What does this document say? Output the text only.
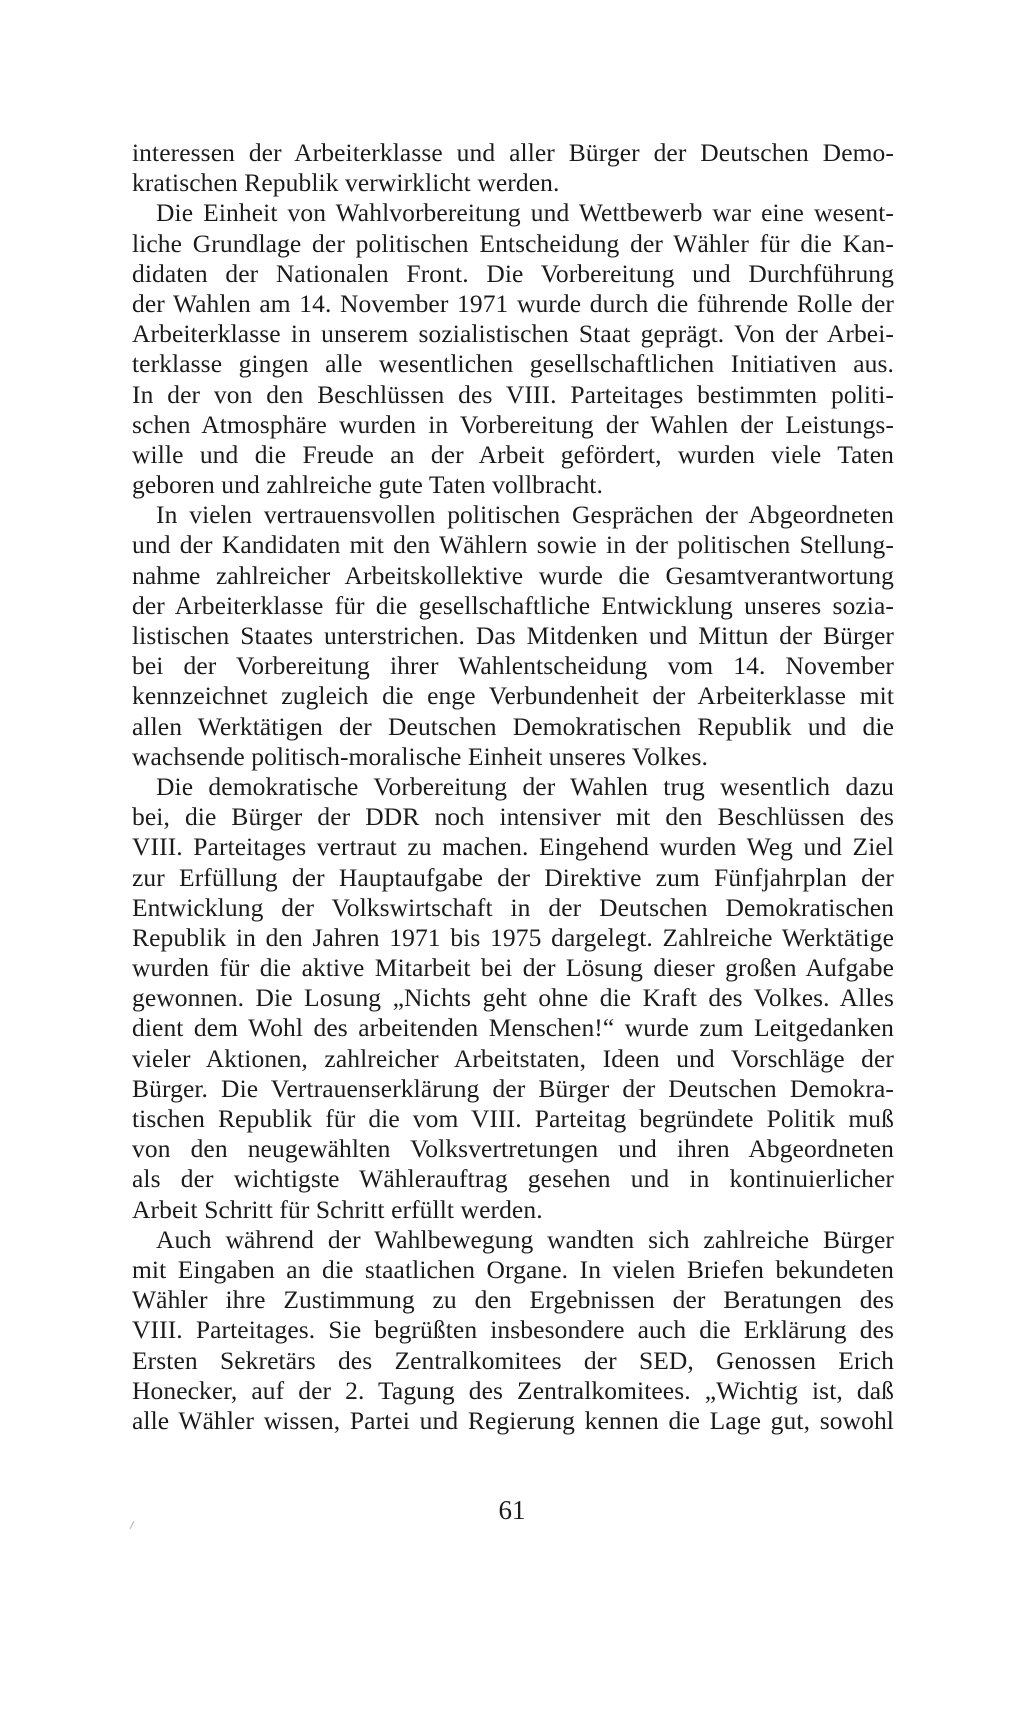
interessen der Arbeiterklasse und aller Bürger der Deutschen Demo-
kratischen Republik verwirklicht werden.
Die Einheit von Wahlvorbereitung und Wettbewerb war eine wesent-
liche Grundlage der politischen Entscheidung der Wähler für die Kan-
didaten der Nationalen Front. Die Vorbereitung und Durchführung
der Wahlen am 14. November 1971 wurde durch die führende Rolle der
Arbeiterklasse in unserem sozialistischen Staat geprägt. Von der Arbei-
terklasse gingen alle wesentlichen gesellschaftlichen Initiativen aus.
In der von den Beschlüssen des VIII. Parteitages bestimmten politi-
schen Atmosphäre wurden in Vorbereitung der Wahlen der Leistungs-
wille und die Freude an der Arbeit gefördert, wurden viele Taten
geboren und zahlreiche gute Taten vollbracht.
In vielen vertrauensvollen politischen Gesprächen der Abgeordneten
und der Kandidaten mit den Wählern sowie in der politischen Stellung-
nahme zahlreicher Arbeitskollektive wurde die Gesamtverantwortung
der Arbeiterklasse für die gesellschaftliche Entwicklung unseres sozia-
listischen Staates unterstrichen. Das Mitdenken und Mittun der Bürger
bei der Vorbereitung ihrer Wahlentscheidung vom 14. November
kennzeichnet zugleich die enge Verbundenheit der Arbeiterklasse mit
allen Werktätigen der Deutschen Demokratischen Republik und die
wachsende politisch-moralische Einheit unseres Volkes.
Die demokratische Vorbereitung der Wahlen trug wesentlich dazu
bei, die Bürger der DDR noch intensiver mit den Beschlüssen des
VIII. Parteitages vertraut zu machen. Eingehend wurden Weg und Ziel
zur Erfüllung der Hauptaufgabe der Direktive zum Fünfjahrplan der
Entwicklung der Volkswirtschaft in der Deutschen Demokratischen
Republik in den Jahren 1971 bis 1975 dargelegt. Zahlreiche Werktätige
wurden für die aktive Mitarbeit bei der Lösung dieser großen Aufgabe
gewonnen. Die Losung „Nichts geht ohne die Kraft des Volkes. Alles
dient dem Wohl des arbeitenden Menschen!“ wurde zum Leitgedanken
vieler Aktionen, zahlreicher Arbeitstaten, Ideen und Vorschläge der
Bürger. Die Vertrauenserklärung der Bürger der Deutschen Demokra-
tischen Republik für die vom VIII. Parteitag begründete Politik muß
von den neugewählten Volksvertretungen und ihren Abgeordneten
als der wichtigste Wählerauftrag gesehen und in kontinuierlicher
Arbeit Schritt für Schritt erfüllt werden.
Auch während der Wahlbewegung wandten sich zahlreiche Bürger
mit Eingaben an die staatlichen Organe. In vielen Briefen bekundeten
Wähler ihre Zustimmung zu den Ergebnissen der Beratungen des
VIII. Parteitages. Sie begrüßten insbesondere auch die Erklärung des
Ersten Sekretärs des Zentralkomitees der SED, Genossen Erich
Honecker, auf der 2. Tagung des Zentralkomitees. „Wichtig ist, daß
alle Wähler wissen, Partei und Regierung kennen die Lage gut, sowohl
61
